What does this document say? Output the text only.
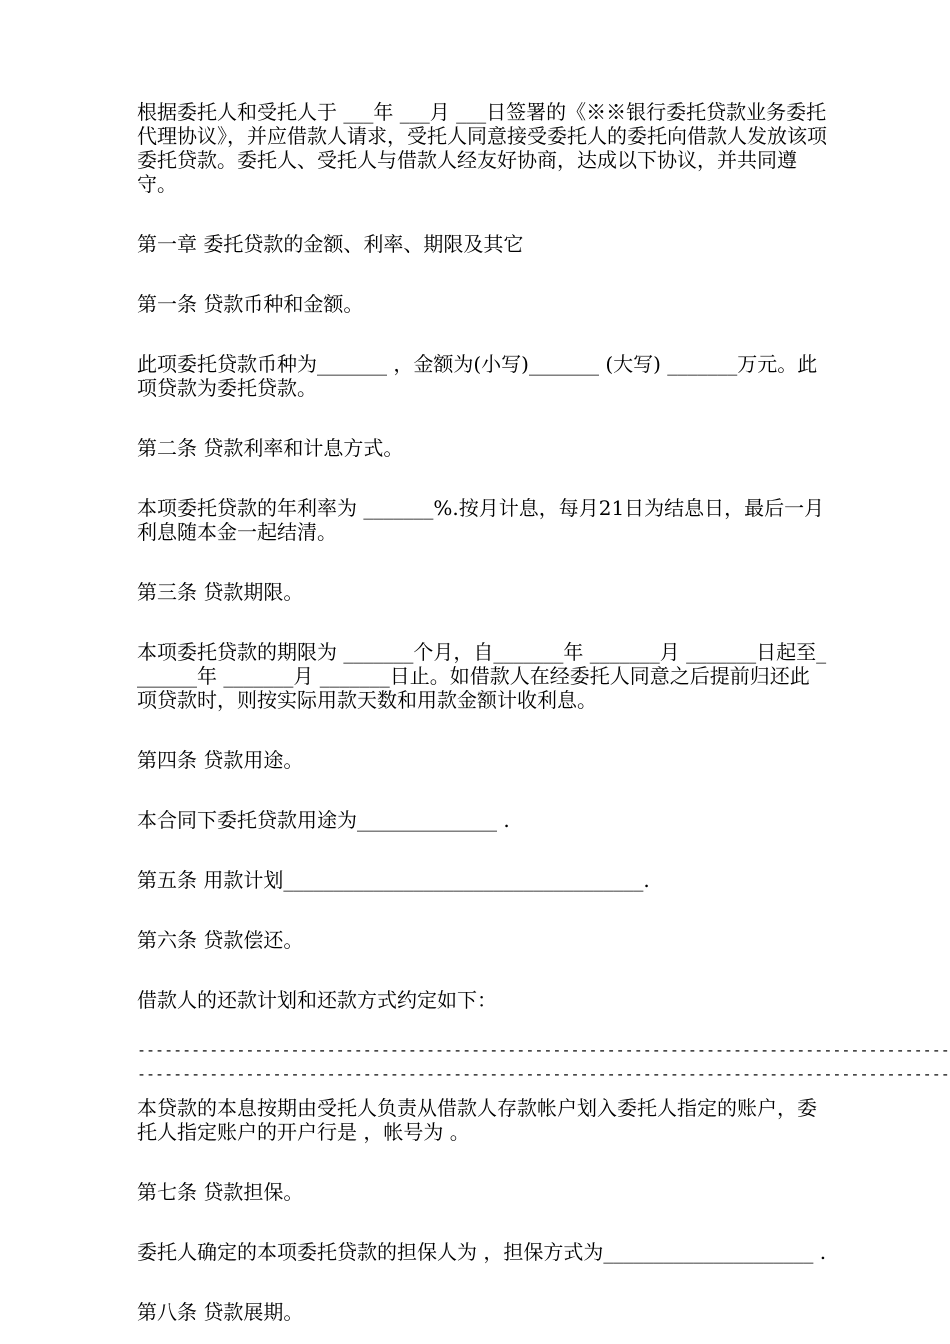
根据委托人和受托人于 ___年 ___月 ___日签署的《※※银行委托贷款业务委托代理协议》，并应借款人请求，受托人同意接受委托人的委托向借款人发放该项委托贷款。委托人、受托人与借款人经友好协商，达成以下协议，并共同遵守。

第一章 委托贷款的金额、利率、期限及其它

第一条 贷款币种和金额。

此项委托贷款币种为_______ ，金额为(小写)_______ (大写) _______万元。此项贷款为委托贷款。

第二条 贷款利率和计息方式。

本项委托贷款的年利率为 _______%.按月计息，每月21日为结息日，最后一月利息随本金一起结清。

第三条 贷款期限。

本项委托贷款的期限为 _______个月，自_______年 _______月 _______日起至_______年 _______月 _______日止。如借款人在经委托人同意之后提前归还此项贷款时，则按实际用款天数和用款金额计收利息。

第四条 贷款用途。

本合同下委托贷款用途为______________ .

第五条 用款计划____________________________________.

第六条 贷款偿还。

借款人的还款计划和还款方式约定如下：

------------------------------------------------------------------------------------------
------------------------------------------------------------------------------------------

本贷款的本息按期由受托人负责从借款人存款帐户划入委托人指定的账户，委托人指定账户的开户行是 ，帐号为 。

第七条 贷款担保。

委托人确定的本项委托贷款的担保人为 ，担保方式为_____________________ .

第八条 贷款展期。
